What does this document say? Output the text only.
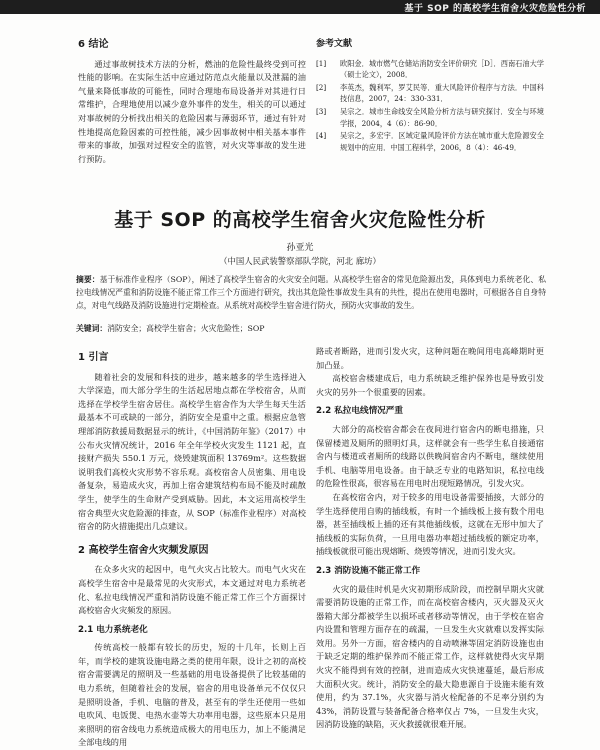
基于 SOP 的高校学生宿舍火灾危险性分析
6 结论

通过事故树技术方法的分析，燃油的危险性最终受到可控性能的影响。在实际生活中应通过防范点火能量以及泄漏的油气量来降低事故的可能性，同时合理地布局设备并对其进行日常维护，合理地使用以减少意外事件的发生，相关的可以通过对事故树的分析找出相关的危险因素与薄弱环节，通过有针对性地提高危险因素的可控性能，减少因事故树中相关基本事件带来的事故，加强对过程安全的监管，对火灾等事故的发生进行预防。

参考文献
[1] 欧阳金．城市燃气仓储站消防安全评价研究［D］．西南石油大学（硕士论文），2008．
[2] 李英杰，魏利军，罗艾民等．重大风险评价程序与方法．中国科技信息，2007，24：330-331．
[3] 吴宗之．城市生命线安全风险分析方法与研究探讨．安全与环境学报，2004，4（6）：86-90．
[4] 吴宗之，多宏宇．区域定量风险评价方法在城市重大危险源安全规划中的应用．中国工程科学，2006，8（4）：46-49．
基于 SOP 的高校学生宿舍火灾危险性分析
孙亚光
（中国人民武装警察部队学院，河北 廊坊）
摘要：基于标准作业程序（SOP），阐述了高校学生宿舍的火灾安全问题。从高校学生宿舍的常见危险源出发，具体到电力系统老化、私拉电线情况严重和消防设施不能正常工作三个方面进行研究，找出其危险性事故发生具有的共性，提出在使用电器时，可根据各自自身特点，对电气线路及消防设施进行定期检查。从系统对高校学生宿舍进行防火，预防火灾事故的发生。
关键词：消防安全；高校学生宿舍；火灾危险性；SOP
1 引言

随着社会的发展和科技的进步，越来越多的学生选择进入大学深造，而大部分学生的生活起居地点都在学校宿舍，从而选择在学校学生宿舍居住。高校学生宿舍作为大学生每天生活最基本不可或缺的一部分，消防安全是重中之重。根据应急管理部消防救援局数据显示的统计，《中国消防年鉴》（2017）中公布火灾情况统计，2016 年全年学校火灾发生 1121 起，直接财产损失 550.1 万元，烧毁建筑面积 13769m²。这些数据说明我们高校火灾形势不容乐观。高校宿舍人员密集、用电设备复杂，易造成火灾，再加上宿舍建筑结构布局不能及时疏散学生，使学生的生命财产受到威胁。因此，本文运用高校学生宿舍典型火灾危险源的排查，从 SOP（标准作业程序）对高校宿舍的防火措施提出几点建议。

2 高校学生宿舍火灾频发原因

在众多火灾的起因中，电气火灾占比较大。而电气火灾在高校学生宿舍中是最常见的火灾形式，本文通过对电力系统老化、私拉电线情况严重和消防设施不能正常工作三个方面探讨高校宿舍火灾频发的原因。

2.1 电力系统老化

传统高校一般都有较长的历史，短的十几年，长则上百年，而学校的建筑设施电路之类的使用年限，设计之初的高校宿舍需要满足的照明及一些基础的用电设备提供了比较基础的电力系统，但随着社会的发展，宿舍的用电设备单元不仅仅只是照明设备，手机、电脑的普及，甚至有的学生还使用一些如电吹风、电饭煲、电热水壶等大功率用电器，这些原本只是用来照明的宿舍线电力系统造成极大的用电压力，加上不能满足全部电线的用

路或者断路，进而引发火灾，这种问题在晚间用电高峰期时更加凸显。

高校宿舍楼建成后，电力系统缺乏维护保养也是导致引发火灾的另外一个很重要的因素。

2.2 私拉电线情况严重

大部分的高校宿舍都会在夜间进行宿舍内的断电措施，只保留楼道及厕所的照明灯具，这样就会有一些学生私自接通宿舍内与楼道或者厕所的线路以供晚间宿舍内不断电，继续使用手机、电脑等用电设备。由于缺乏专业的电路知识，私拉电线的危险性很高，很容易在用电时出现短路情况，引发火灾。

在高校宿舍内，对于较多的用电设备需要插接，大部分的学生选择使用自购的插线板，有时一个插线板上接有数个用电器，甚至插线板上插的还有其他插线板，这就在无形中加大了插线板的实际负荷，一旦用电器功率超过插线板的额定功率，插线板就很可能出现熔断、烧毁等情况，进而引发火灾。

2.3 消防设施不能正常工作

火灾的最佳时机是火灾初期形成阶段，而控制早期火灾就需要消防设施的正常工作，而在高校宿舍楼内，灭火器及灭火器箱大部分都被学生以损坏或者移动等情况，由于学校在宿舍内设置和管理方面存在的疏漏，一旦发生火灾就难以发挥实际效用。另外一方面，宿舍楼内的自动喷淋等固定消防设施也由于缺乏定期的维护保养而不能正常工作，这样就使得火灾早期火灾不能得到有效的控制，进而造成火灾快速蔓延，最后形成大面积火灾。统计，消防安全的最大隐患源自于设施未能有效使用，约为 37.1%，火灾器与消火栓配备的不足率分别约为 43%，消防设置与装备配备合格率仅占 7%，一旦发生火灾，因消防设施的缺陷，灭火救援就很难开展。
